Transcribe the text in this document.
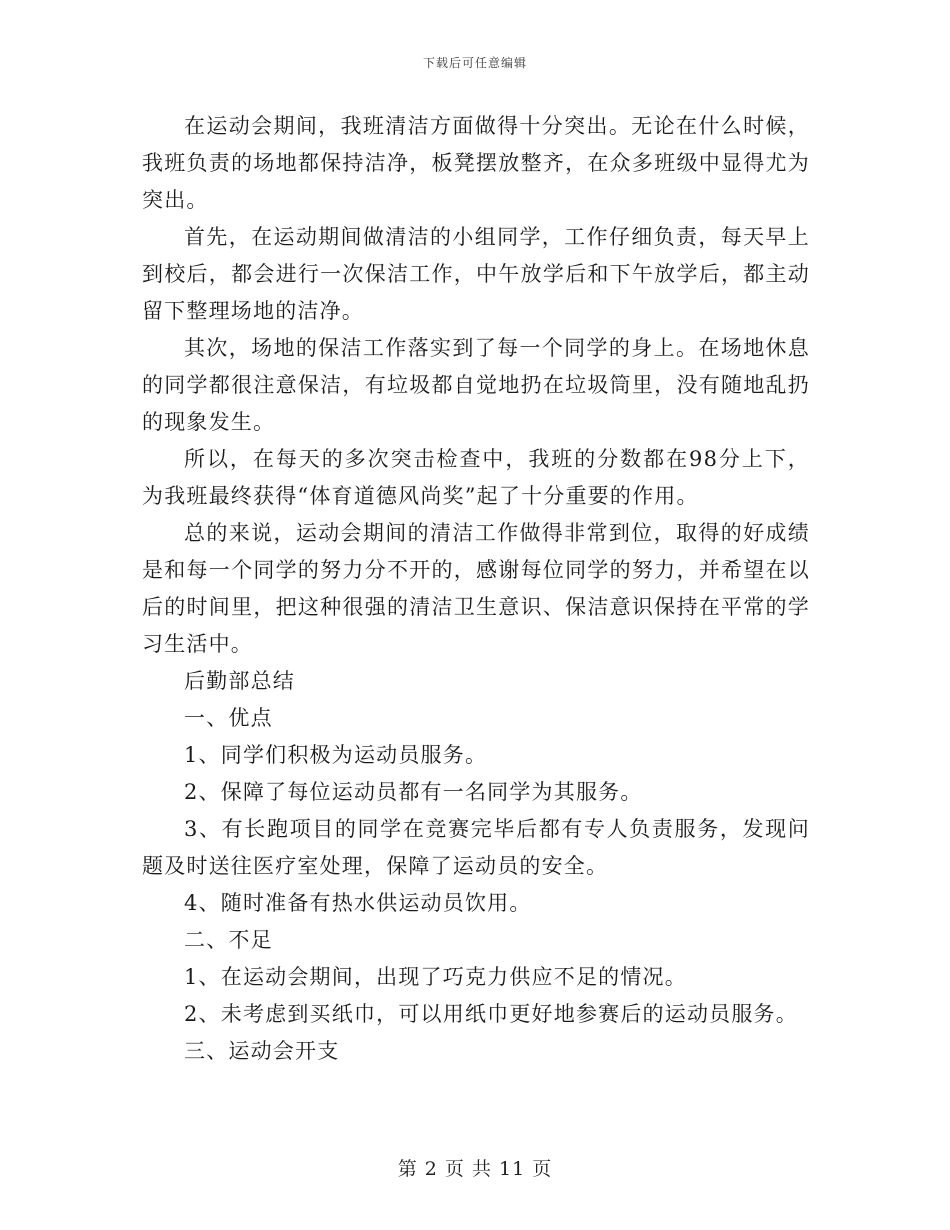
下载后可任意编辑

在运动会期间，我班清洁方面做得十分突出。无论在什么时候，我班负责的场地都保持洁净，板凳摆放整齐，在众多班级中显得尤为突出。

首先，在运动期间做清洁的小组同学，工作仔细负责，每天早上到校后，都会进行一次保洁工作，中午放学后和下午放学后，都主动留下整理场地的洁净。

其次，场地的保洁工作落实到了每一个同学的身上。在场地休息的同学都很注意保洁，有垃圾都自觉地扔在垃圾筒里，没有随地乱扔的现象发生。

所以，在每天的多次突击检查中，我班的分数都在98分上下，为我班最终获得“体育道德风尚奖”起了十分重要的作用。

总的来说，运动会期间的清洁工作做得非常到位，取得的好成绩是和每一个同学的努力分不开的，感谢每位同学的努力，并希望在以后的时间里，把这种很强的清洁卫生意识、保洁意识保持在平常的学习生活中。

后勤部总结

一、优点

1、同学们积极为运动员服务。

2、保障了每位运动员都有一名同学为其服务。

3、有长跑项目的同学在竞赛完毕后都有专人负责服务，发现问题及时送往医疗室处理，保障了运动员的安全。

4、随时准备有热水供运动员饮用。

二、不足

1、在运动会期间，出现了巧克力供应不足的情况。

2、未考虑到买纸巾，可以用纸巾更好地参赛后的运动员服务。

三、运动会开支

第 2 页 共 11 页
